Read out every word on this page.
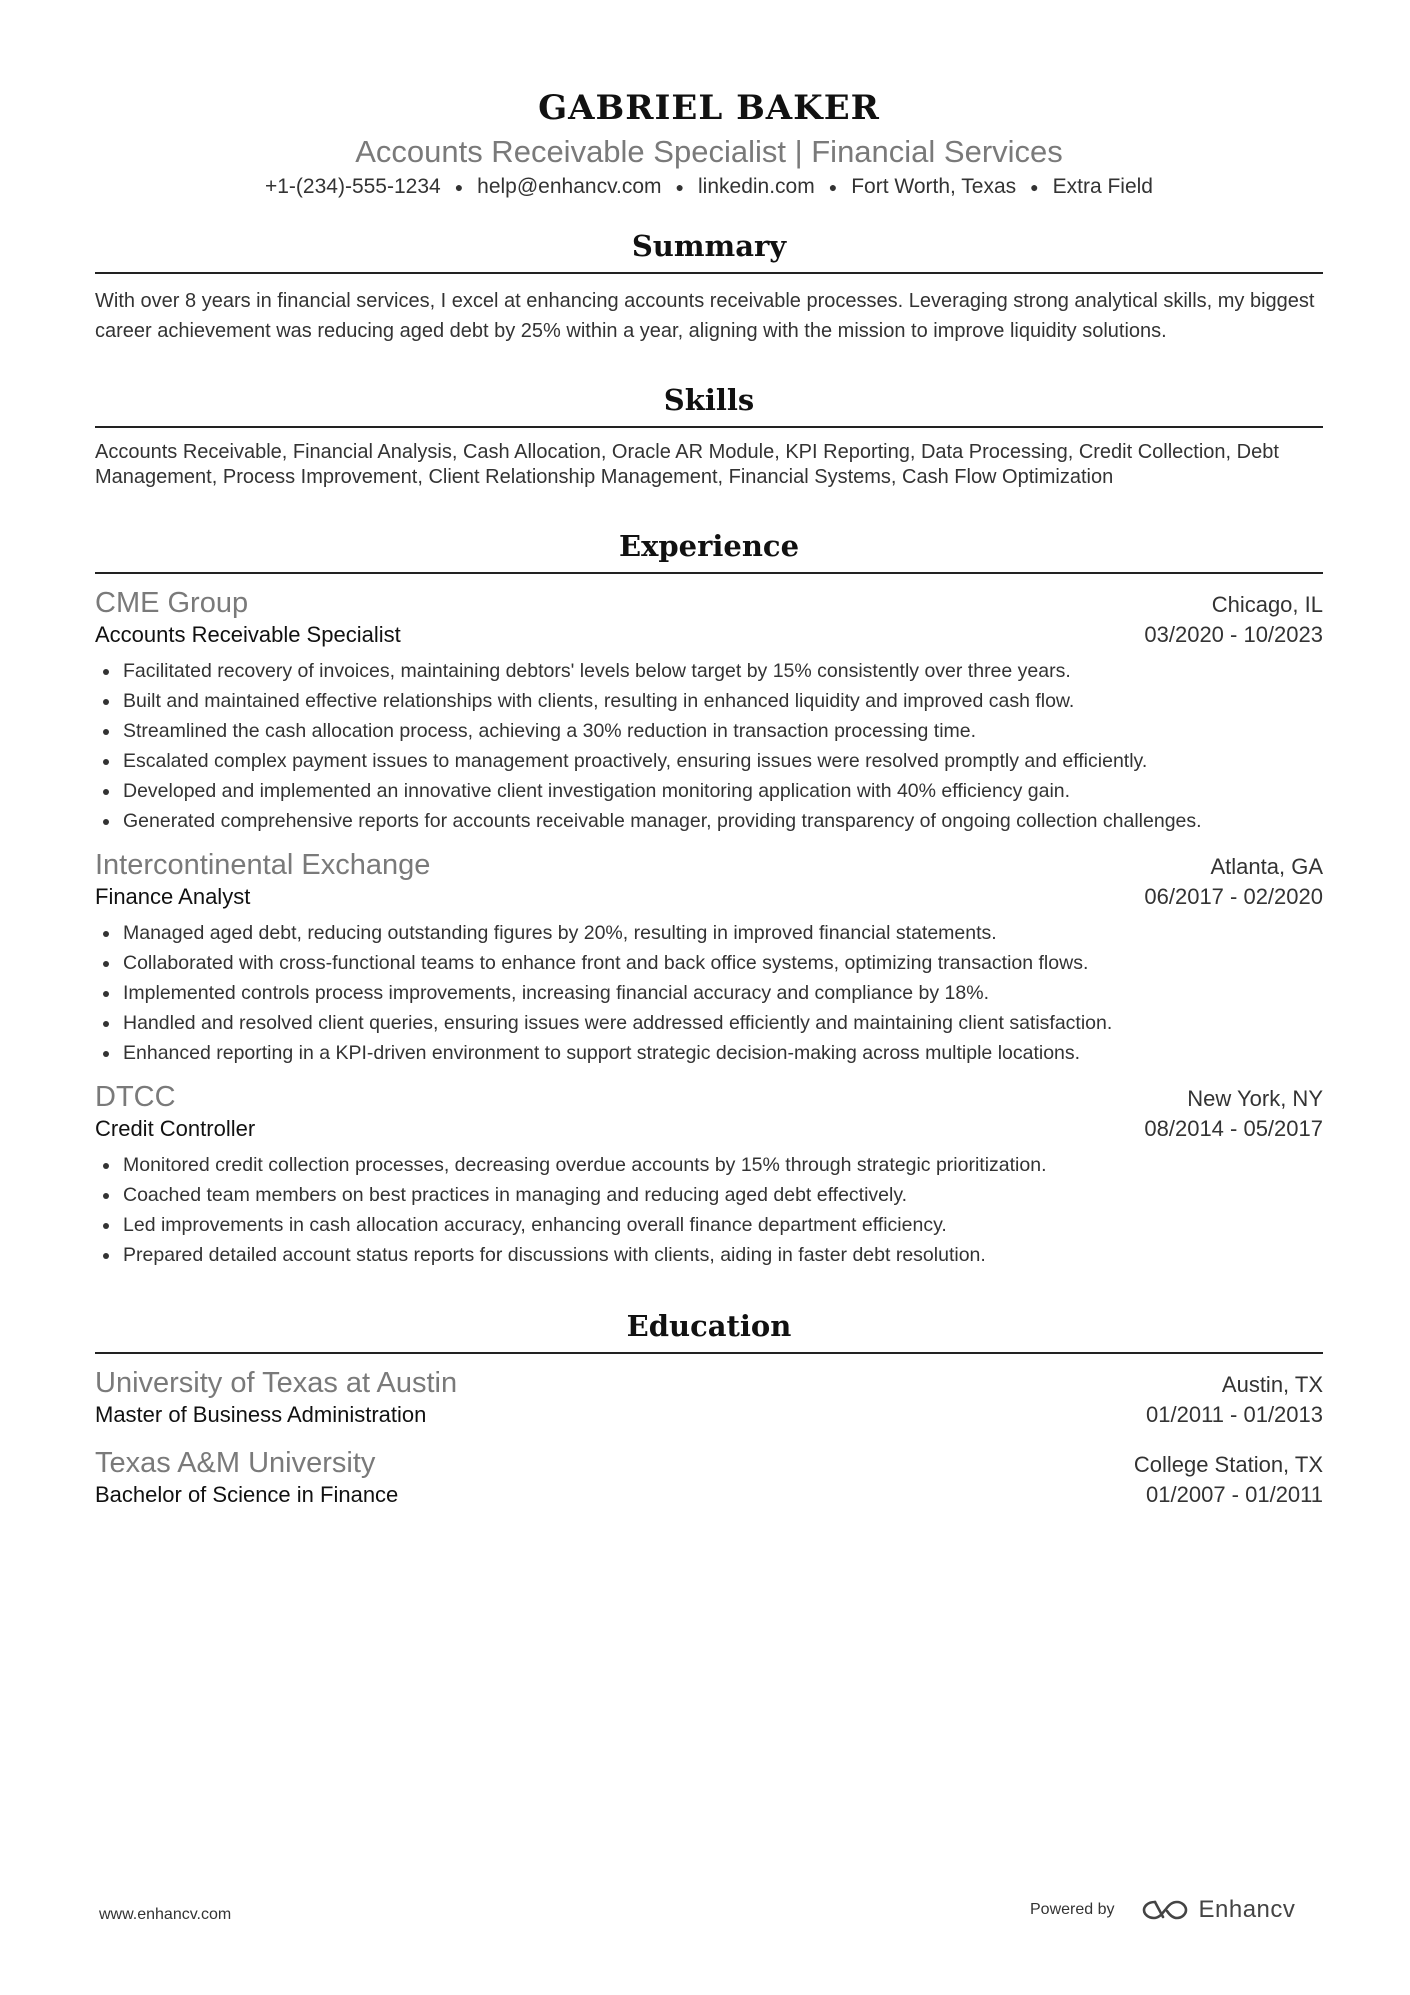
GABRIEL BAKER
Accounts Receivable Specialist | Financial Services
+1-(234)-555-1234 ● help@enhancv.com ● linkedin.com ● Fort Worth, Texas ● Extra Field
Summary
With over 8 years in financial services, I excel at enhancing accounts receivable processes. Leveraging strong analytical skills, my biggest career achievement was reducing aged debt by 25% within a year, aligning with the mission to improve liquidity solutions.
Skills
Accounts Receivable, Financial Analysis, Cash Allocation, Oracle AR Module, KPI Reporting, Data Processing, Credit Collection, Debt Management, Process Improvement, Client Relationship Management, Financial Systems, Cash Flow Optimization
Experience
CME Group	Chicago, IL
Accounts Receivable Specialist	03/2020 - 10/2023
Facilitated recovery of invoices, maintaining debtors' levels below target by 15% consistently over three years.
Built and maintained effective relationships with clients, resulting in enhanced liquidity and improved cash flow.
Streamlined the cash allocation process, achieving a 30% reduction in transaction processing time.
Escalated complex payment issues to management proactively, ensuring issues were resolved promptly and efficiently.
Developed and implemented an innovative client investigation monitoring application with 40% efficiency gain.
Generated comprehensive reports for accounts receivable manager, providing transparency of ongoing collection challenges.
Intercontinental Exchange	Atlanta, GA
Finance Analyst	06/2017 - 02/2020
Managed aged debt, reducing outstanding figures by 20%, resulting in improved financial statements.
Collaborated with cross-functional teams to enhance front and back office systems, optimizing transaction flows.
Implemented controls process improvements, increasing financial accuracy and compliance by 18%.
Handled and resolved client queries, ensuring issues were addressed efficiently and maintaining client satisfaction.
Enhanced reporting in a KPI-driven environment to support strategic decision-making across multiple locations.
DTCC	New York, NY
Credit Controller	08/2014 - 05/2017
Monitored credit collection processes, decreasing overdue accounts by 15% through strategic prioritization.
Coached team members on best practices in managing and reducing aged debt effectively.
Led improvements in cash allocation accuracy, enhancing overall finance department efficiency.
Prepared detailed account status reports for discussions with clients, aiding in faster debt resolution.
Education
University of Texas at Austin	Austin, TX
Master of Business Administration	01/2011 - 01/2013
Texas A&M University	College Station, TX
Bachelor of Science in Finance	01/2007 - 01/2011
www.enhancv.com	Powered by	Enhancv
